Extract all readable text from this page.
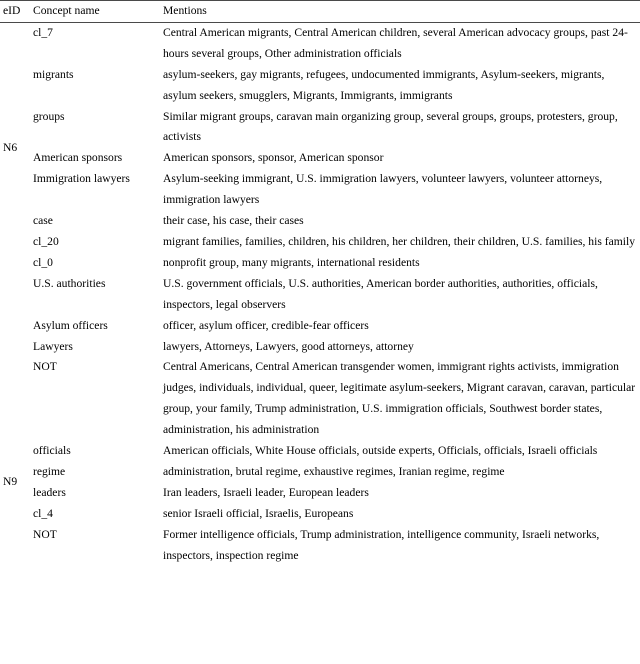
eID	Concept name	Mentions

N6	cl_7	Central American migrants, Central American children, several American advocacy groups, past 24-hours several groups, Other administration officials
	migrants	asylum-seekers, gay migrants, refugees, undocumented immigrants, Asylum-seekers, migrants, asylum seekers, smugglers, Migrants, Immigrants, immigrants
	groups	Similar migrant groups, caravan main organizing group, several groups, groups, protesters, group, activists
	American sponsors	American sponsors, sponsor, American sponsor
	Immigration lawyers	Asylum-seeking immigrant, U.S. immigration lawyers, volunteer lawyers, volunteer attorneys, immigration lawyers
	case	their case, his case, their cases
	cl_20	migrant families, families, children, his children, her children, their children, U.S. families, his family
	cl_0	nonprofit group, many migrants, international residents
	U.S. authorities	U.S. government officials, U.S. authorities, American border authorities, authorities, officials, inspectors, legal observers
	Asylum officers	officer, asylum officer, credible-fear officers
	Lawyers	lawyers, Attorneys, Lawyers, good attorneys, attorney
	NOT	Central Americans, Central American transgender women, immigrant rights activists, immigration judges, individuals, individual, queer, legitimate asylum-seekers, Migrant caravan, caravan, particular group, your family, Trump administration, U.S. immigration officials, Southwest border states, administration, his administration

N9	officials	American officials, White House officials, outside experts, Officials, officials, Israeli officials
	regime	administration, brutal regime, exhaustive regimes, Iranian regime, regime
	leaders	Iran leaders, Israeli leader, European leaders
	cl_4	senior Israeli official, Israelis, Europeans
	NOT	Former intelligence officials, Trump administration, intelligence community, Israeli networks, inspectors, inspection regime
